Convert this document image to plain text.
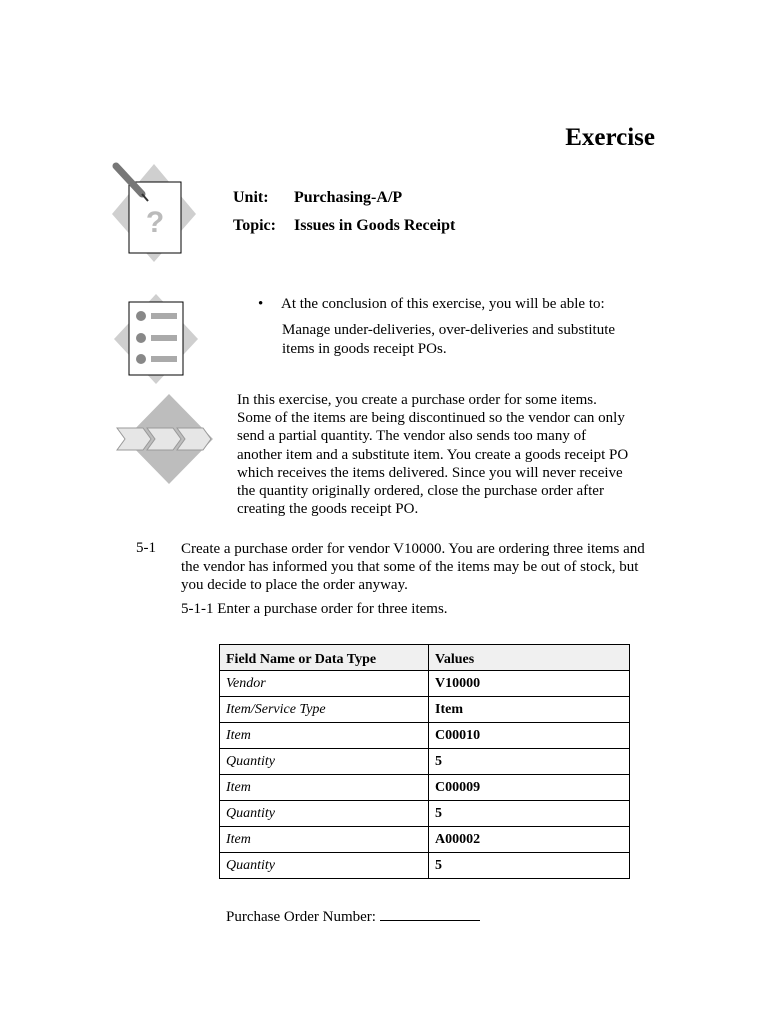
Exercise
?
Unit: Purchasing-A/P
Topic: Issues in Goods Receipt
• At the conclusion of this exercise, you will be able to:
Manage under-deliveries, over-deliveries and substitute
items in goods receipt POs.
In this exercise, you create a purchase order for some items.
Some of the items are being discontinued so the vendor can only
send a partial quantity. The vendor also sends too many of
another item and a substitute item. You create a goods receipt PO
which receives the items delivered. Since you will never receive
the quantity originally ordered, close the purchase order after
creating the goods receipt PO.
5-1 Create a purchase order for vendor V10000. You are ordering three items and
the vendor has informed you that some of the items may be out of stock, but
you decide to place the order anyway.
5-1-1 Enter a purchase order for three items.
Field Name or Data Type	Values
Vendor	V10000
Item/Service Type	Item
Item	C00010
Quantity	5
Item	C00009
Quantity	5
Item	A00002
Quantity	5
Purchase Order Number:
